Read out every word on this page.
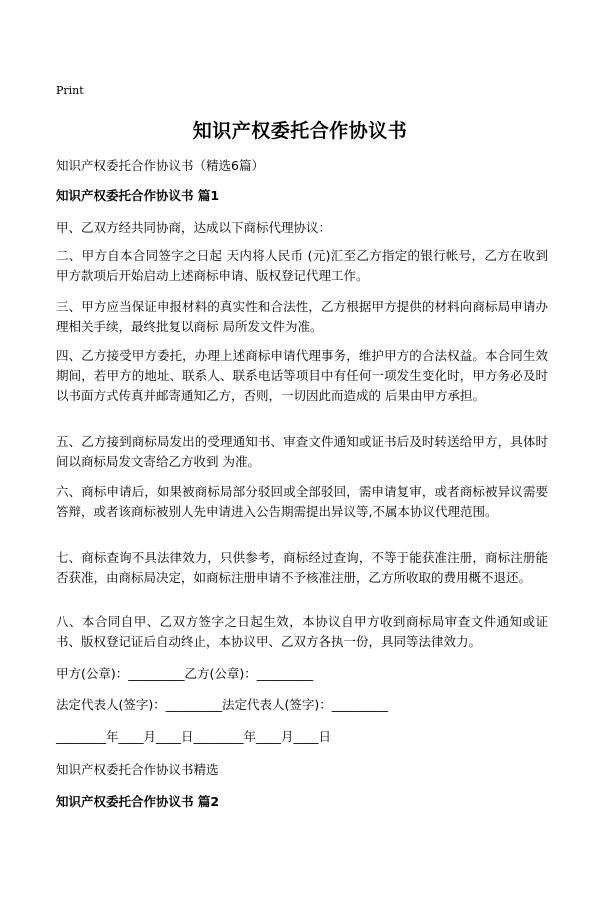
Print
知识产权委托合作协议书
知识产权委托合作协议书（精选6篇）
知识产权委托合作协议书 篇1
甲、乙双方经共同协商，达成以下商标代理协议：
二、甲方自本合同签字之日起 天内将人民币 (元)汇至乙方指定的银行帐号，乙方在收到 甲方款项后开始启动上述商标申请、版权登记代理工作。
三、甲方应当保证申报材料的真实性和合法性，乙方根据甲方提供的材料向商标局申请办理相关手续，最终批复以商标 局所发文件为准。
四、乙方接受甲方委托，办理上述商标申请代理事务，维护甲方的合法权益。本合同生效期间，若甲方的地址、联系人、联系电话等项目中有任何一项发生变化时，甲方务必及时以书面方式传真并邮寄通知乙方，否则，一切因此而造成的 后果由甲方承担。
五、乙方接到商标局发出的受理通知书、审查文件通知或证书后及时转送给甲方，具体时间以商标局发文寄给乙方收到 为准。
六、商标申请后，如果被商标局部分驳回或全部驳回，需申请复审，或者商标被异议需要答辩，或者该商标被别人先申请进入公告期需提出异议等,不属本协议代理范围。
七、商标查询不具法律效力，只供参考，商标经过查询，不等于能获准注册，商标注册能否获准，由商标局决定，如商标注册申请不予核准注册，乙方所收取的费用概不退还。
八、本合同自甲、乙双方签字之日起生效，本协议自甲方收到商标局审查文件通知或证书、版权登记证后自动终止，本协议甲、乙双方各执一份，具同等法律效力。
甲方(公章)：_________乙方(公章)：_________
法定代表人(签字)：_________法定代表人(签字)：_________
________年____月____日________年____月____日
知识产权委托合作协议书精选
知识产权委托合作协议书 篇2
